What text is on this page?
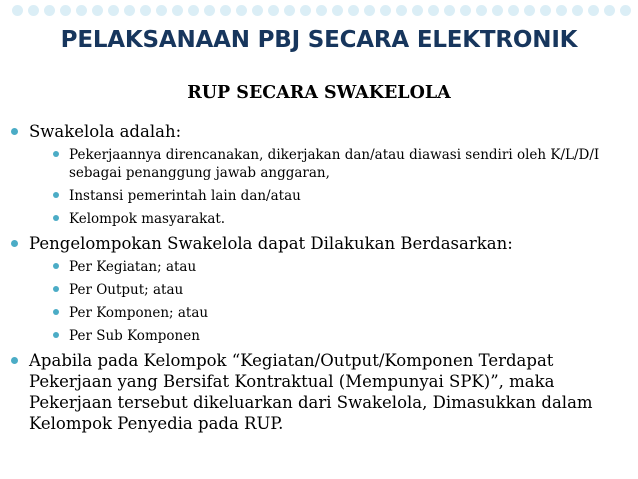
PELAKSANAAN PBJ SECARA ELEKTRONIK
RUP SECARA SWAKELOLA
Swakelola adalah:
Pekerjaannya direncanakan, dikerjakan dan/atau diawasi sendiri oleh K/L/D/I sebagai penanggung jawab anggaran,
Instansi pemerintah lain dan/atau
Kelompok masyarakat.
Pengelompokan Swakelola dapat Dilakukan Berdasarkan:
Per Kegiatan; atau
Per Output; atau
Per Komponen; atau
Per Sub Komponen
Apabila pada Kelompok “Kegiatan/Output/Komponen Terdapat Pekerjaan yang Bersifat Kontraktual (Mempunyai SPK)”, maka Pekerjaan tersebut dikeluarkan dari Swakelola, Dimasukkan dalam Kelompok Penyedia pada RUP.
